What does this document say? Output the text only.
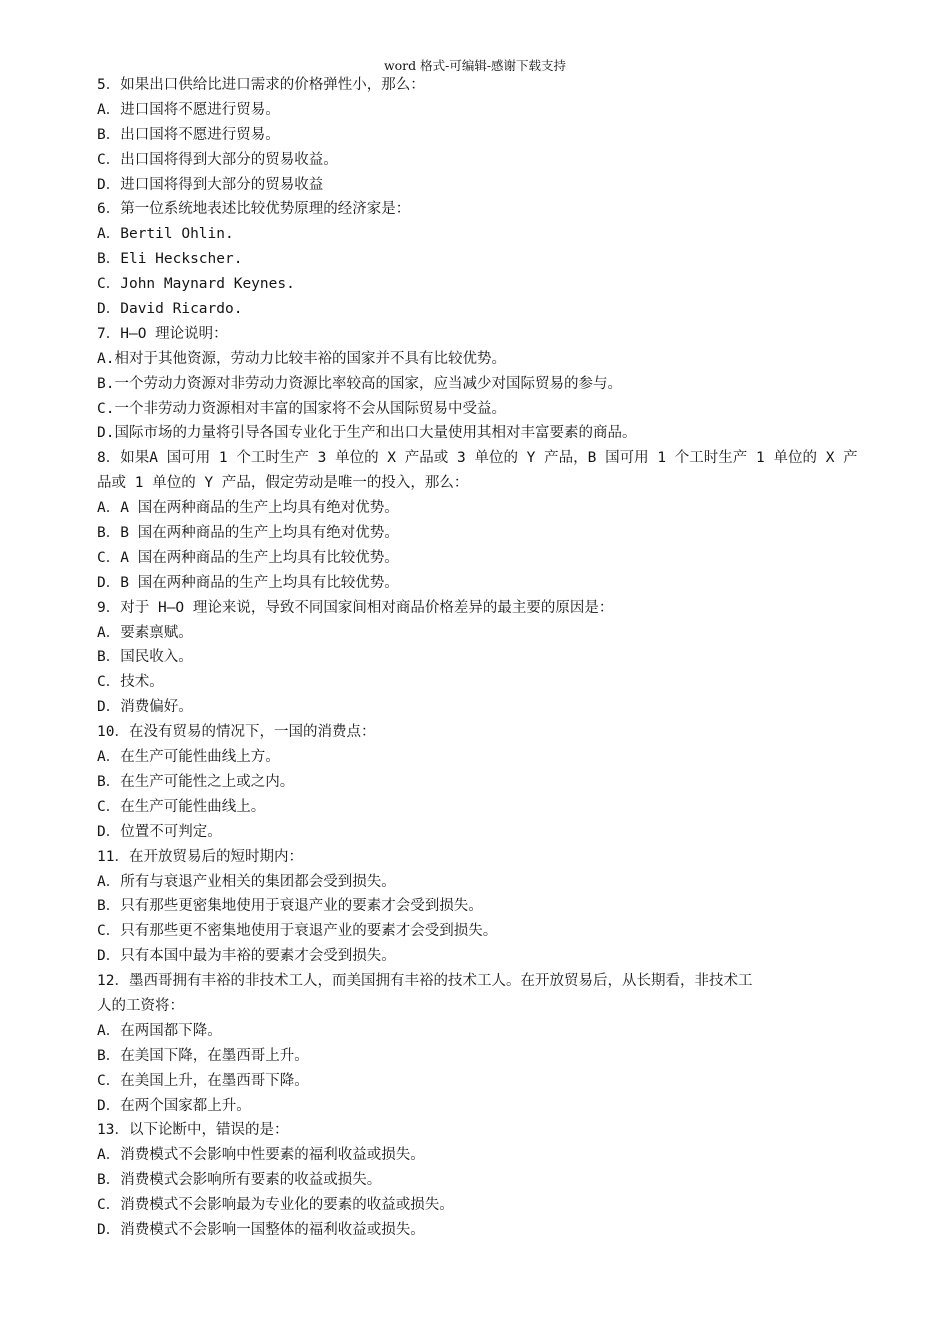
word 格式-可编辑-感谢下载支持
5．如果出口供给比进口需求的价格弹性小，那么：
A．进口国将不愿进行贸易。
B．出口国将不愿进行贸易。
C．出口国将得到大部分的贸易收益。
D．进口国将得到大部分的贸易收益
6．第一位系统地表述比较优势原理的经济家是：
A．Bertil Ohlin.
B．Eli Heckscher.
C．John Maynard Keynes.
D．David Ricardo.
7．H—O 理论说明：
A.相对于其他资源，劳动力比较丰裕的国家并不具有比较优势。
B.一个劳动力资源对非劳动力资源比率较高的国家，应当减少对国际贸易的参与。
C.一个非劳动力资源相对丰富的国家将不会从国际贸易中受益。
D.国际市场的力量将引导各国专业化于生产和出口大量使用其相对丰富要素的商品。
8．如果A 国可用 1 个工时生产 3 单位的 X 产品或 3 单位的 Y 产品，B 国可用 1 个工时生产 1 单位的 X 产
品或 1 单位的 Y 产品，假定劳动是唯一的投入，那么：
A．A 国在两种商品的生产上均具有绝对优势。
B．B 国在两种商品的生产上均具有绝对优势。
C．A 国在两种商品的生产上均具有比较优势。
D．B 国在两种商品的生产上均具有比较优势。
9．对于 H—O 理论来说，导致不同国家间相对商品价格差异的最主要的原因是：
A．要素禀赋。
B．国民收入。
C．技术。
D．消费偏好。
10．在没有贸易的情况下，一国的消费点：
A．在生产可能性曲线上方。
B．在生产可能性之上或之内。
C．在生产可能性曲线上。
D．位置不可判定。
11．在开放贸易后的短时期内：
A．所有与衰退产业相关的集团都会受到损失。
B．只有那些更密集地使用于衰退产业的要素才会受到损失。
C．只有那些更不密集地使用于衰退产业的要素才会受到损失。
D．只有本国中最为丰裕的要素才会受到损失。
12．墨西哥拥有丰裕的非技术工人，而美国拥有丰裕的技术工人。在开放贸易后，从长期看，非技术工
人的工资将：
A．在两国都下降。
B．在美国下降，在墨西哥上升。
C．在美国上升，在墨西哥下降。
D．在两个国家都上升。
13．以下论断中，错误的是：
A．消费模式不会影响中性要素的福利收益或损失。
B．消费模式会影响所有要素的收益或损失。
C．消费模式不会影响最为专业化的要素的收益或损失。
D．消费模式不会影响一国整体的福利收益或损失。
